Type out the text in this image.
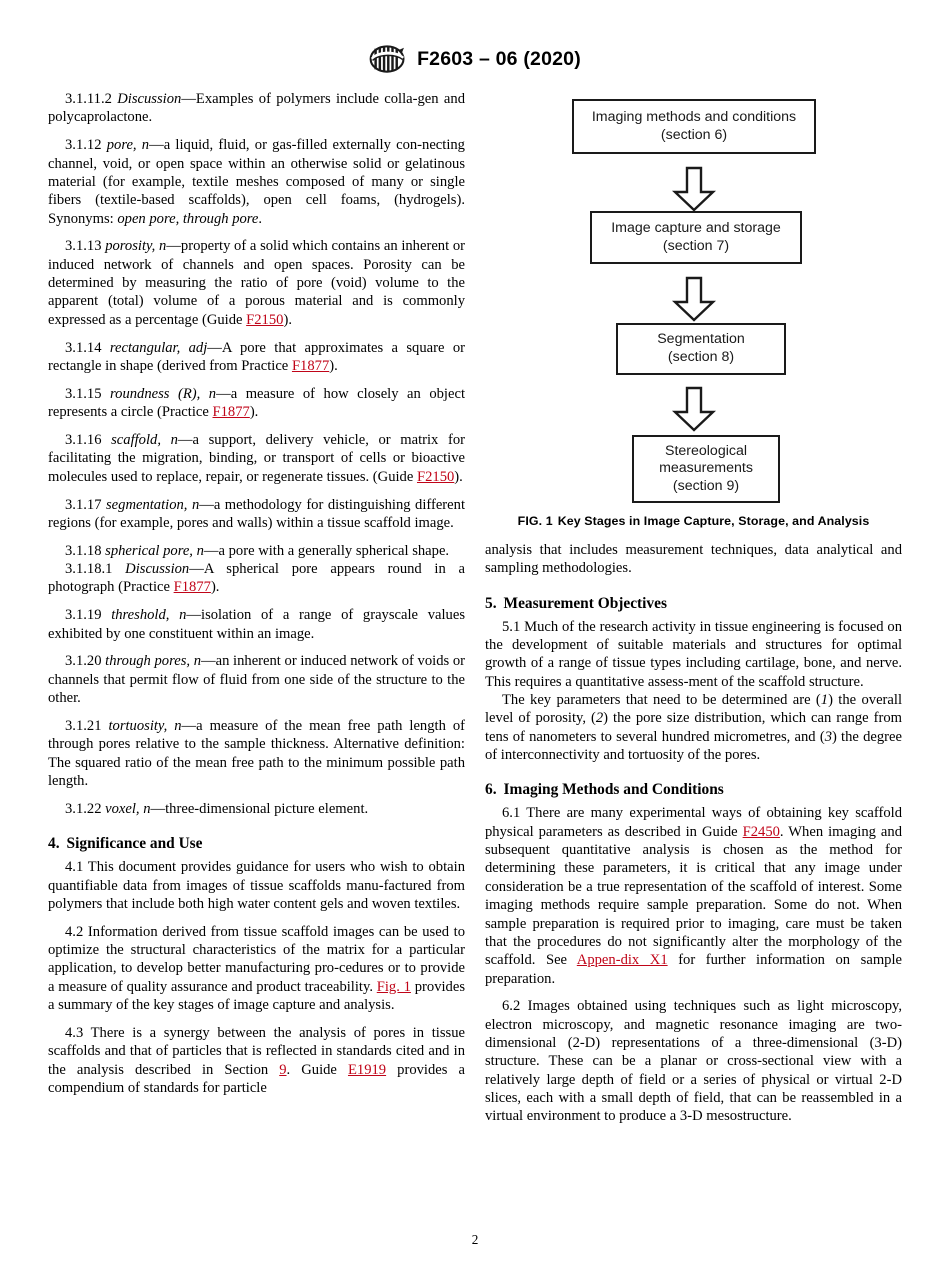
F2603 – 06 (2020)

3.1.11.2 Discussion—Examples of polymers include colla-gen and polycaprolactone.

3.1.12 pore, n—a liquid, fluid, or gas-filled externally con-necting channel, void, or open space within an otherwise solid or gelatinous material (for example, textile meshes composed of many or single fibers (textile-based scaffolds), open cell foams, (hydrogels). Synonyms: open pore, through pore.

3.1.13 porosity, n—property of a solid which contains an inherent or induced network of channels and open spaces. Porosity can be determined by measuring the ratio of pore (void) volume to the apparent (total) volume of a porous material and is commonly expressed as a percentage (Guide F2150).

3.1.14 rectangular, adj—A pore that approximates a square or rectangle in shape (derived from Practice F1877).

3.1.15 roundness (R), n—a measure of how closely an object represents a circle (Practice F1877).

3.1.16 scaffold, n—a support, delivery vehicle, or matrix for facilitating the migration, binding, or transport of cells or bioactive molecules used to replace, repair, or regenerate tissues. (Guide F2150).

3.1.17 segmentation, n—a methodology for distinguishing different regions (for example, pores and walls) within a tissue scaffold image.

3.1.18 spherical pore, n—a pore with a generally spherical shape.

3.1.18.1 Discussion—A spherical pore appears round in a photograph (Practice F1877).

3.1.19 threshold, n—isolation of a range of grayscale values exhibited by one constituent within an image.

3.1.20 through pores, n—an inherent or induced network of voids or channels that permit flow of fluid from one side of the structure to the other.

3.1.21 tortuosity, n—a measure of the mean free path length of through pores relative to the sample thickness. Alternative definition: The squared ratio of the mean free path to the minimum possible path length.

3.1.22 voxel, n—three-dimensional picture element.

4. Significance and Use

4.1 This document provides guidance for users who wish to obtain quantifiable data from images of tissue scaffolds manu-factured from polymers that include both high water content gels and woven textiles.

4.2 Information derived from tissue scaffold images can be used to optimize the structural characteristics of the matrix for a particular application, to develop better manufacturing pro-cedures or to provide a measure of quality assurance and product traceability. Fig. 1 provides a summary of the key stages of image capture and analysis.

4.3 There is a synergy between the analysis of pores in tissue scaffolds and that of particles that is reflected in standards cited and in the analysis described in Section 9. Guide E1919 provides a compendium of standards for particle

Imaging methods and conditions
(section 6)
Image capture and storage
(section 7)
Segmentation
(section 8)
Stereological
measurements
(section 9)
FIG. 1 Key Stages in Image Capture, Storage, and Analysis

analysis that includes measurement techniques, data analytical and sampling methodologies.

5. Measurement Objectives

5.1 Much of the research activity in tissue engineering is focused on the development of suitable materials and structures for optimal growth of a range of tissue types including cartilage, bone, and nerve. This requires a quantitative assess-ment of the scaffold structure.

The key parameters that need to be determined are (1) the overall level of porosity, (2) the pore size distribution, which can range from tens of nanometers to several hundred micrometres, and (3) the degree of interconnectivity and tortuosity of the pores.

6. Imaging Methods and Conditions

6.1 There are many experimental ways of obtaining key scaffold physical parameters as described in Guide F2450. When imaging and subsequent quantitative analysis is chosen as the method for determining these parameters, it is critical that any image under consideration be a true representation of the scaffold of interest. Some imaging methods require sample preparation. Some do not. When sample preparation is required prior to imaging, care must be taken that the procedures do not significantly alter the morphology of the scaffold. See Appen-dix X1 for further information on sample preparation.

6.2 Images obtained using techniques such as light microscopy, electron microscopy, and magnetic resonance imaging are two-dimensional (2-D) representations of a three-dimensional (3-D) structure. These can be a planar or cross-sectional view with a relatively large depth of field or a series of physical or virtual 2-D slices, each with a small depth of field, that can be reassembled in a virtual environment to produce a 3-D mesostructure.

2
